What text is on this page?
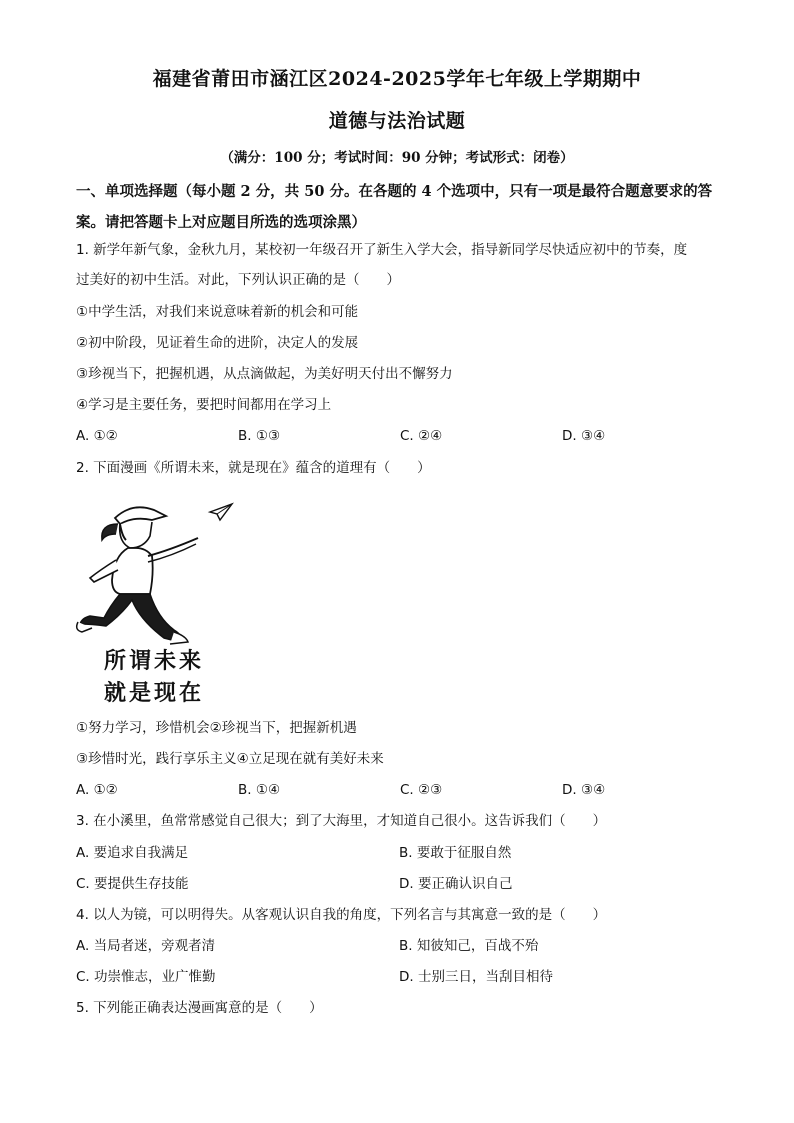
福建省莆田市涵江区2024-2025学年七年级上学期期中
道德与法治试题
（满分：100 分；考试时间：90 分钟；考试形式：闭卷）
一、单项选择题（每小题 2 分，共 50 分。在各题的 4 个选项中，只有一项是最符合题意要求的答案。请把答题卡上对应题目所选的选项涂黑）
1. 新学年新气象，金秋九月，某校初一年级召开了新生入学大会，指导新同学尽快适应初中的节奏，度
过美好的初中生活。对此，下列认识正确的是（　　）
①中学生活，对我们来说意味着新的机会和可能
②初中阶段，见证着生命的进阶，决定人的发展
③珍视当下，把握机遇，从点滴做起，为美好明天付出不懈努力
④学习是主要任务，要把时间都用在学习上
A. ①②	B. ①③	C. ②④	D. ③④
2. 下面漫画《所谓未来，就是现在》蕴含的道理有（　　）
所谓未来
就是现在
①努力学习，珍惜机会②珍视当下，把握新机遇
③珍惜时光，践行享乐主义④立足现在就有美好未来
A. ①②	B. ①④	C. ②③	D. ③④
3. 在小溪里，鱼常常感觉自己很大；到了大海里，才知道自己很小。这告诉我们（　　）
A. 要追求自我满足	B. 要敢于征服自然
C. 要提供生存技能	D. 要正确认识自己
4. 以人为镜，可以明得失。从客观认识自我的角度，下列名言与其寓意一致的是（　　）
A. 当局者迷，旁观者清	B. 知彼知己，百战不殆
C. 功崇惟志，业广惟勤	D. 士别三日，当刮目相待
5. 下列能正确表达漫画寓意的是（　　）
